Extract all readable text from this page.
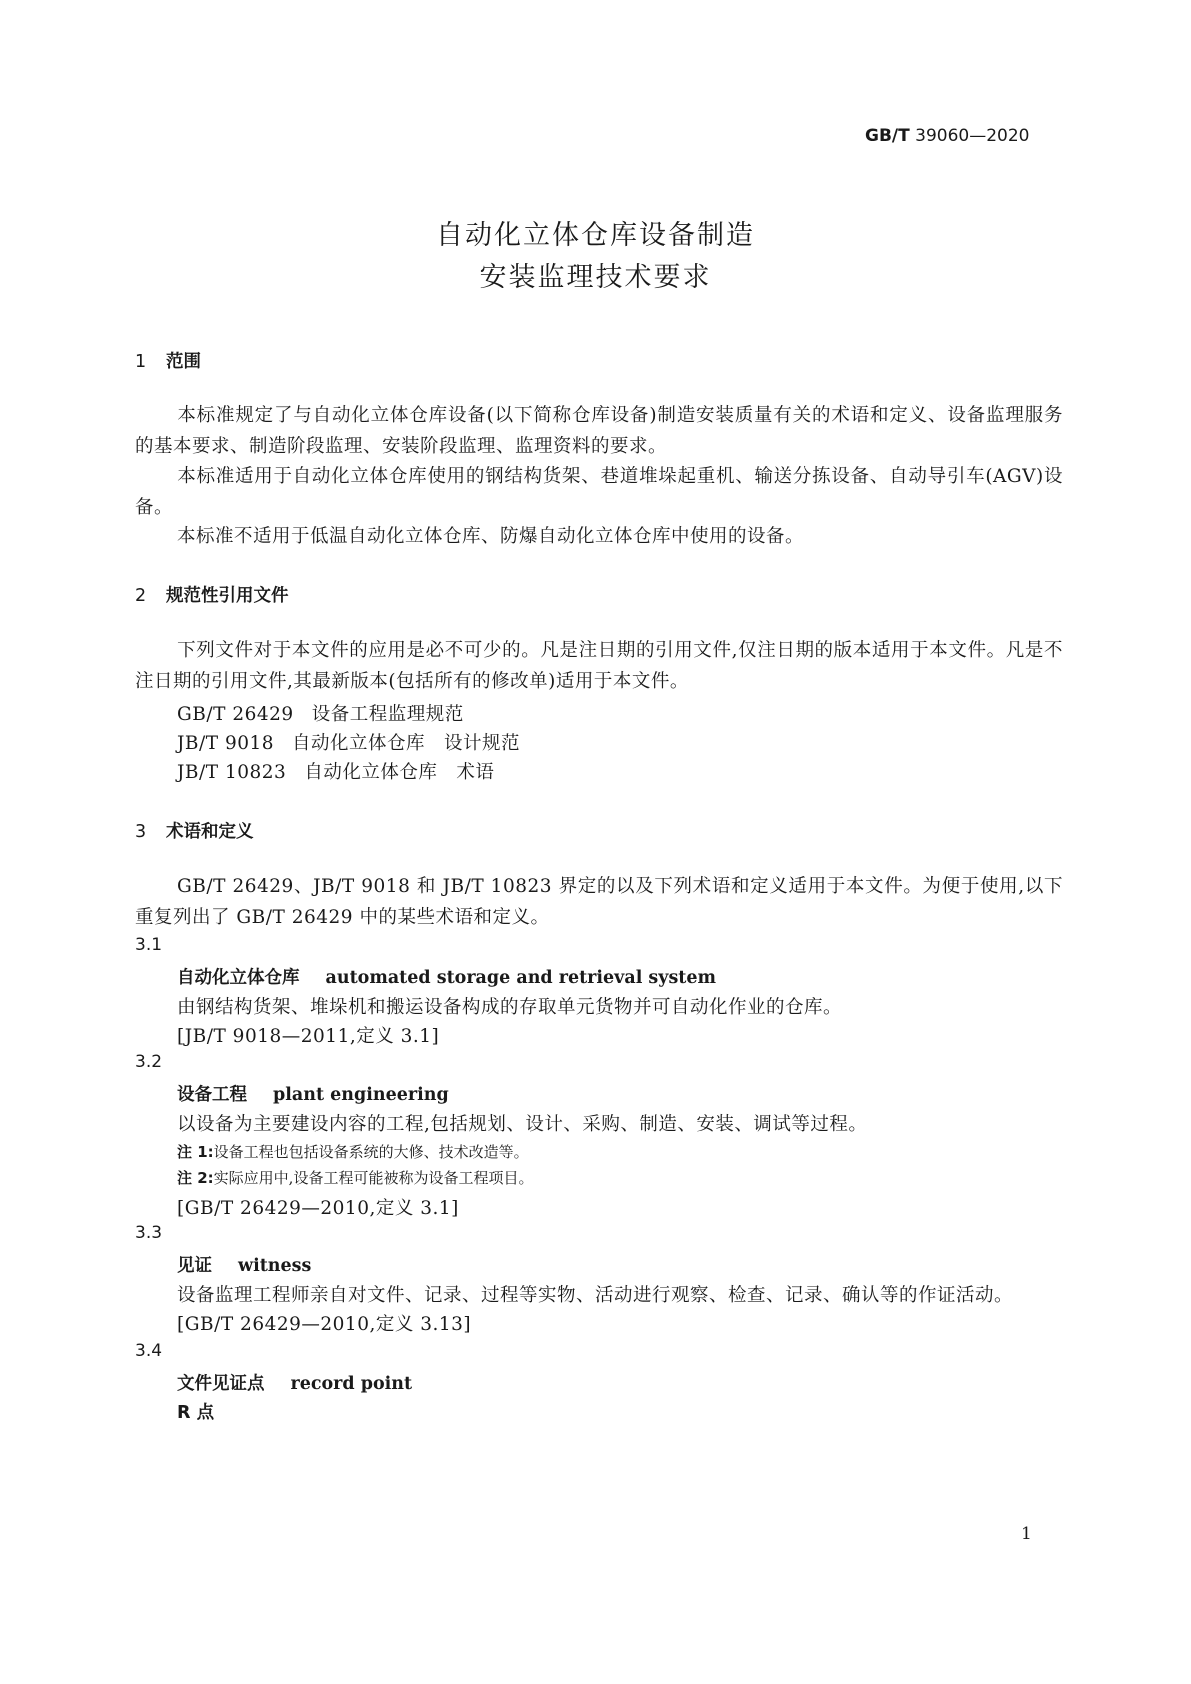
GB/T 39060—2020
自动化立体仓库设备制造
安装监理技术要求
1 范围
本标准规定了与自动化立体仓库设备(以下简称仓库设备)制造安装质量有关的术语和定义、设备监理服务的基本要求、制造阶段监理、安装阶段监理、监理资料的要求。
本标准适用于自动化立体仓库使用的钢结构货架、巷道堆垛起重机、输送分拣设备、自动导引车(AGV)设备。
本标准不适用于低温自动化立体仓库、防爆自动化立体仓库中使用的设备。
2 规范性引用文件
下列文件对于本文件的应用是必不可少的。凡是注日期的引用文件,仅注日期的版本适用于本文件。凡是不注日期的引用文件,其最新版本(包括所有的修改单)适用于本文件。
GB/T 26429 设备工程监理规范
JB/T 9018 自动化立体仓库　设计规范
JB/T 10823 自动化立体仓库　术语
3 术语和定义
GB/T 26429、JB/T 9018 和 JB/T 10823 界定的以及下列术语和定义适用于本文件。为便于使用,以下重复列出了 GB/T 26429 中的某些术语和定义。
3.1
自动化立体仓库 automated storage and retrieval system
由钢结构货架、堆垛机和搬运设备构成的存取单元货物并可自动化作业的仓库。
[JB/T 9018—2011,定义 3.1]
3.2
设备工程 plant engineering
以设备为主要建设内容的工程,包括规划、设计、采购、制造、安装、调试等过程。
注 1:设备工程也包括设备系统的大修、技术改造等。
注 2:实际应用中,设备工程可能被称为设备工程项目。
[GB/T 26429—2010,定义 3.1]
3.3
见证 witness
设备监理工程师亲自对文件、记录、过程等实物、活动进行观察、检查、记录、确认等的作证活动。
[GB/T 26429—2010,定义 3.13]
3.4
文件见证点 record point
R 点
1
